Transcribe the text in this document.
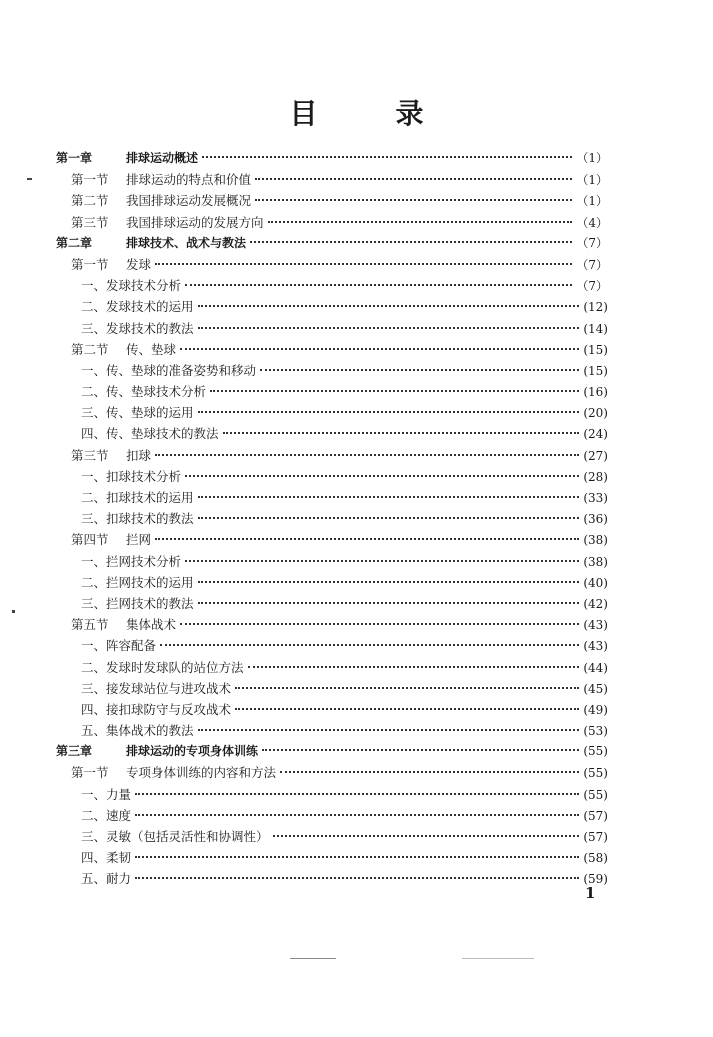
目	录
第一章	排球运动概述	（1）
第一节 排球运动的特点和价值	（1）
第二节 我国排球运动发展概况	（1）
第三节 我国排球运动的发展方向	（4）
第二章	排球技术、战术与教法	（7）
第一节 发球	（7）
一、发球技术分析	（7）
二、发球技术的运用	(12)
三、发球技术的教法	(14)
第二节 传、垫球	(15)
一、传、垫球的准备姿势和移动	(15)
二、传、垫球技术分析	(16)
三、传、垫球的运用	(20)
四、传、垫球技术的教法	(24)
第三节 扣球	(27)
一、扣球技术分析	(28)
二、扣球技术的运用	(33)
三、扣球技术的教法	(36)
第四节 拦网	(38)
一、拦网技术分析	(38)
二、拦网技术的运用	(40)
三、拦网技术的教法	(42)
第五节 集体战术	(43)
一、阵容配备	(43)
二、发球时发球队的站位方法	(44)
三、接发球站位与进攻战术	(45)
四、接扣球防守与反攻战术	(49)
五、集体战术的教法	(53)
第三章	排球运动的专项身体训练	(55)
第一节 专项身体训练的内容和方法	(55)
一、力量	(55)
二、速度	(57)
三、灵敏（包括灵活性和协调性）	(57)
四、柔韧	(58)
五、耐力	(59)
1
